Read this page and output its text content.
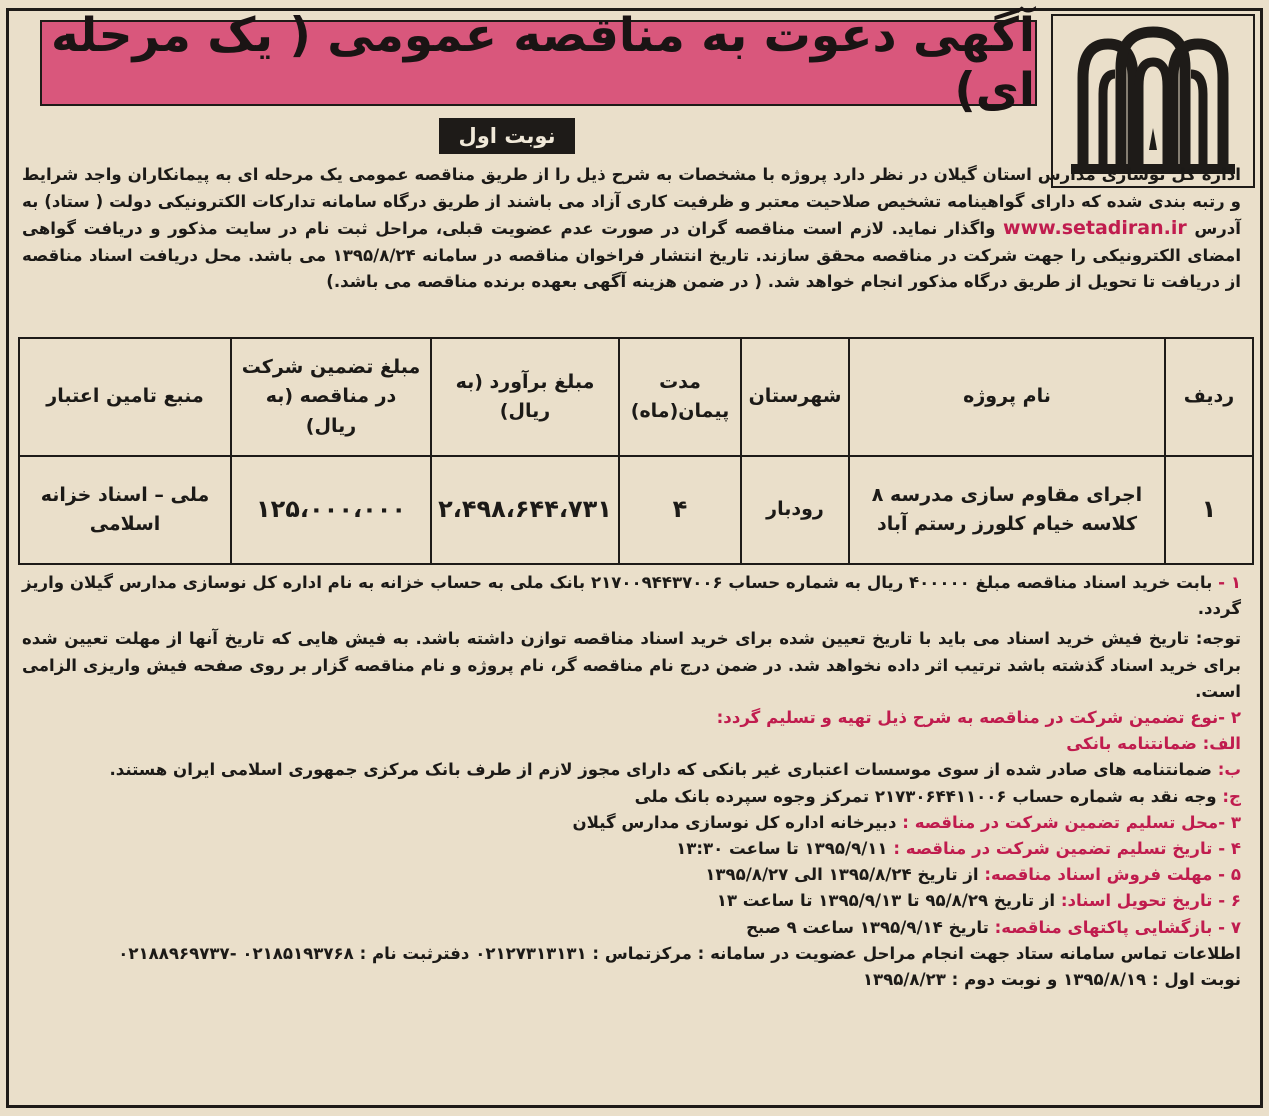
آگهی دعوت به مناقصه عمومی ( یک مرحله ای)
نوبت اول
اداره کل نوسازی مدارس استان گیلان در نظر دارد پروژه با مشخصات به شرح ذیل را از طریق مناقصه عمومی یک مرحله ای به پیمانکاران واجد شرایط و رتبه بندی شده که دارای گواهینامه تشخیص صلاحیت معتبر و ظرفیت کاری آزاد می باشند از طریق درگاه سامانه تدارکات الکترونیکی دولت ( ستاد) به آدرس www.setadiran.ir واگذار نماید. لازم است مناقصه گران در صورت عدم عضویت قبلی، مراحل ثبت نام در سایت مذکور و دریافت گواهی امضای الکترونیکی را جهت شرکت در مناقصه محقق سازند. تاریخ انتشار فراخوان مناقصه در سامانه ۱۳۹۵/۸/۲۴ می باشد. محل دریافت اسناد مناقصه از دریافت تا تحویل از طریق درگاه مذکور انجام خواهد شد. ( در ضمن هزینه آگهی بعهده برنده مناقصه می باشد.)
ردیف	نام پروژه	شهرستان	مدت پیمان(ماه)	مبلغ برآورد (به ریال)	مبلغ تضمین شرکت در مناقصه (به ریال)	منبع تامین اعتبار
۱	اجرای مقاوم سازی مدرسه ۸ کلاسه خیام کلورز رستم آباد	رودبار	۴	۲،۴۹۸،۶۴۴،۷۳۱	۱۲۵،۰۰۰،۰۰۰	ملی – اسناد خزانه اسلامی

۱ - بابت خرید اسناد مناقصه مبلغ ۴۰۰۰۰۰ ریال به شماره حساب ۲۱۷۰۰۹۴۴۳۷۰۰۶ بانک ملی به حساب خزانه به نام اداره کل نوسازی مدارس گیلان واریز گردد.

توجه: تاریخ فیش خرید اسناد می باید با تاریخ تعیین شده برای خرید اسناد مناقصه توازن داشته باشد. به فیش هایی که تاریخ آنها از مهلت تعیین شده برای خرید اسناد گذشته باشد ترتیب اثر داده نخواهد شد. در ضمن درج نام مناقصه گر، نام پروژه و نام مناقصه گزار بر روی صفحه فیش واریزی الزامی است.

۲ -نوع تضمین شرکت در مناقصه به شرح ذیل تهیه و تسلیم گردد:

الف: ضمانتنامه بانکی

ب: ضمانتنامه های صادر شده از سوی موسسات اعتباری غیر بانکی که دارای مجوز لازم از طرف بانک مرکزی جمهوری اسلامی ایران هستند.

ج: وجه نقد به شماره حساب ۲۱۷۳۰۶۴۴۱۱۰۰۶ تمرکز وجوه سپرده بانک ملی

۳ -محل تسلیم تضمین شرکت در مناقصه : دبیرخانه اداره کل نوسازی مدارس گیلان

۴ - تاریخ تسلیم تضمین شرکت در مناقصه : ۱۳۹۵/۹/۱۱ تا ساعت ۱۳:۳۰

۵ - مهلت فروش اسناد مناقصه: از تاریخ ۱۳۹۵/۸/۲۴ الی ۱۳۹۵/۸/۲۷

۶ - تاریخ تحویل اسناد: از تاریخ ۹۵/۸/۲۹ تا ۱۳۹۵/۹/۱۳ تا ساعت ۱۳

۷ - بازگشایی پاکتهای مناقصه: تاریخ ۱۳۹۵/۹/۱۴ ساعت ۹ صبح

اطلاعات تماس سامانه ستاد جهت انجام مراحل عضویت در سامانه : مرکزتماس : ۰۲۱۲۷۳۱۳۱۳۱ دفترثبت نام : ۰۲۱۸۵۱۹۳۷۶۸ -۰۲۱۸۸۹۶۹۷۳۷

نوبت اول : ۱۳۹۵/۸/۱۹ و نوبت دوم : ۱۳۹۵/۸/۲۳
